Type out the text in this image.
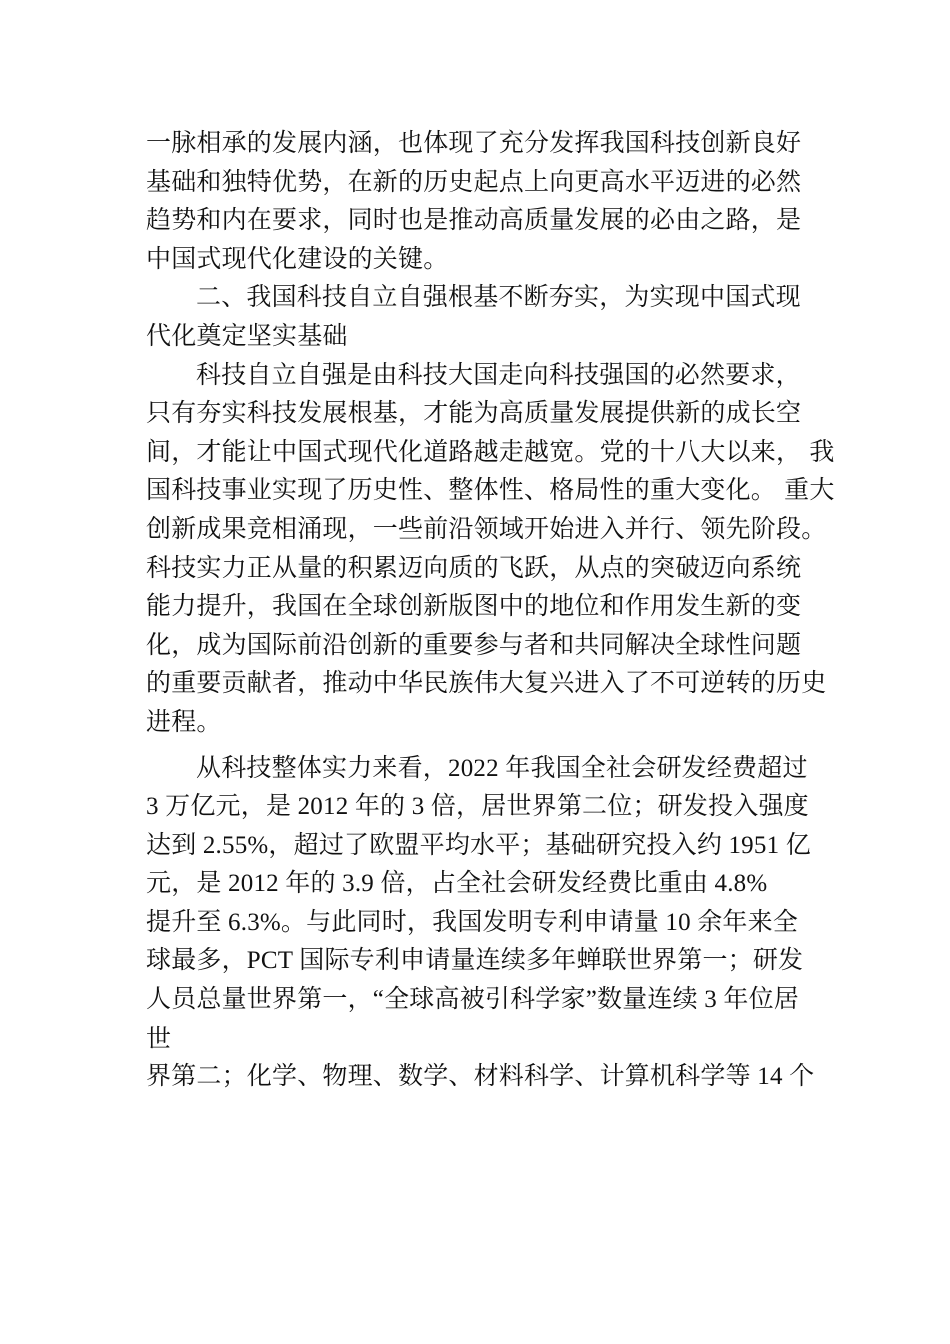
一脉相承的发展内涵，也体现了充分发挥我国科技创新良好
基础和独特优势，在新的历史起点上向更高水平迈进的必然
趋势和内在要求，同时也是推动高质量发展的必由之路，是
中国式现代化建设的关键。
二、我国科技自立自强根基不断夯实，为实现中国式现
代化奠定坚实基础
科技自立自强是由科技大国走向科技强国的必然要求，
只有夯实科技发展根基，才能为高质量发展提供新的成长空
间，才能让中国式现代化道路越走越宽。党的十八大以来， 我
国科技事业实现了历史性、整体性、格局性的重大变化。 重大
创新成果竞相涌现，一些前沿领域开始进入并行、领先阶段。
科技实力正从量的积累迈向质的飞跃，从点的突破迈向系统
能力提升，我国在全球创新版图中的地位和作用发生新的变
化，成为国际前沿创新的重要参与者和共同解决全球性问题
的重要贡献者，推动中华民族伟大复兴进入了不可逆转的历史
进程。
从科技整体实力来看，2022 年我国全社会研发经费超过
3 万亿元，是 2012 年的 3 倍，居世界第二位；研发投入强度
达到 2.55%，超过了欧盟平均水平；基础研究投入约 1951 亿
元，是 2012 年的 3.9 倍，占全社会研发经费比重由 4.8%
提升至 6.3%。与此同时，我国发明专利申请量 10 余年来全
球最多，PCT 国际专利申请量连续多年蝉联世界第一；研发
人员总量世界第一，“全球高被引科学家”数量连续 3 年位居
世
界第二；化学、物理、数学、材料科学、计算机科学等 14 个
